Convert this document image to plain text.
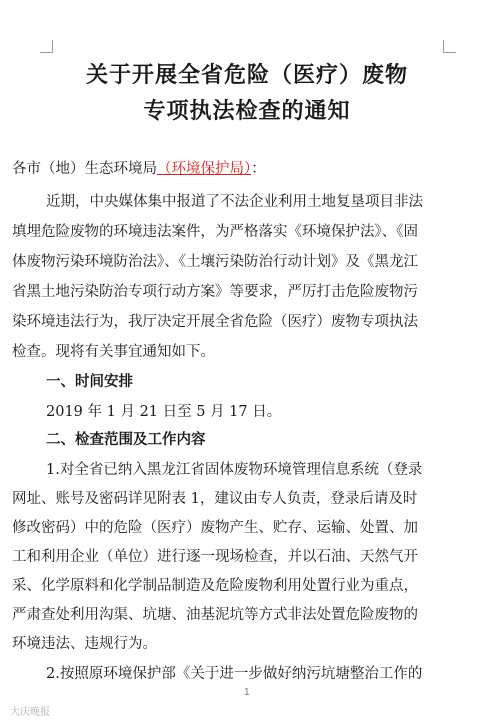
关于开展全省危险（医疗）废物
专项执法检查的通知
各市（地）生态环境局（环境保护局）：
近期，中央媒体集中报道了不法企业利用土地复垦项目非法
填埋危险废物的环境违法案件，为严格落实《环境保护法》、《固
体废物污染环境防治法》、《土壤污染防治行动计划》及《黑龙江
省黑土地污染防治专项行动方案》等要求，严厉打击危险废物污
染环境违法行为，我厅决定开展全省危险（医疗）废物专项执法
检查。现将有关事宜通知如下。
一、时间安排
2019 年 1 月 21 日至 5 月 17 日。
二、检查范围及工作内容
1.对全省已纳入黑龙江省固体废物环境管理信息系统（登录
网址、账号及密码详见附表 1，建议由专人负责，登录后请及时
修改密码）中的危险（医疗）废物产生、贮存、运输、处置、加
工和利用企业（单位）进行逐一现场检查，并以石油、天然气开
采、化学原料和化学制品制造及危险废物利用处置行业为重点，
严肃查处利用沟渠、坑塘、油基泥坑等方式非法处置危险废物的
环境违法、违规行为。
2.按照原环境保护部《关于进一步做好纳污坑塘整治工作的
1
大庆晚报
